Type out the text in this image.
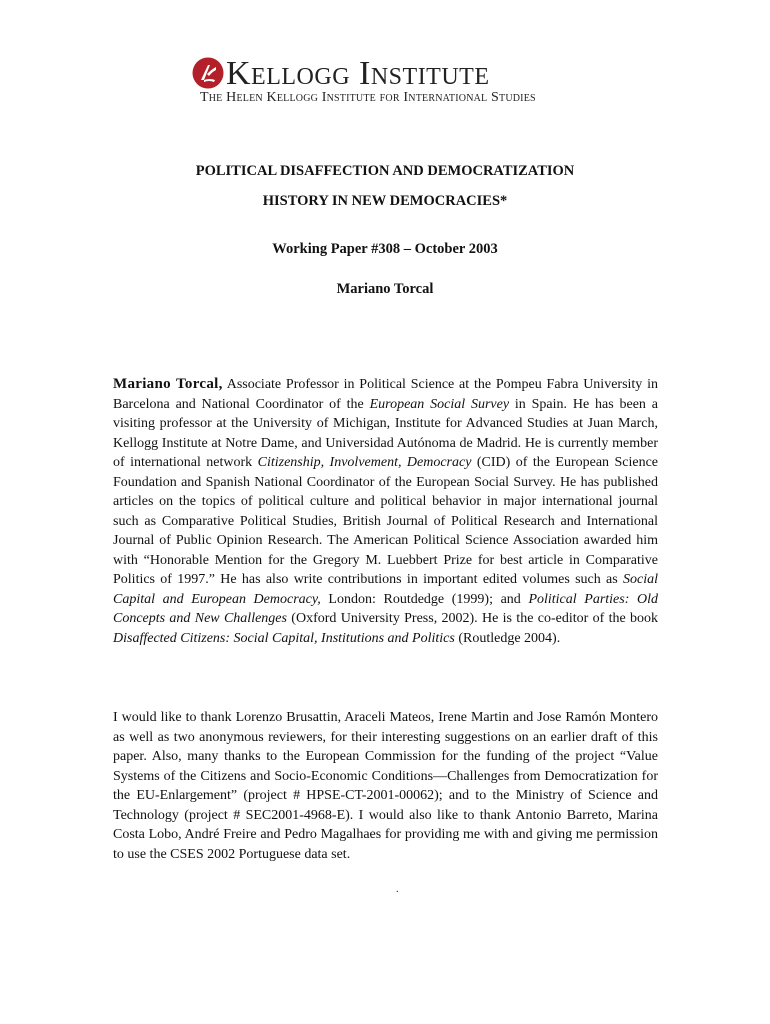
Kellogg Institute
The Helen Kellogg Institute for International Studies
POLITICAL DISAFFECTION AND DEMOCRATIZATION
HISTORY IN NEW DEMOCRACIES*
Working Paper #308 – October 2003
Mariano Torcal
Mariano Torcal, Associate Professor in Political Science at the Pompeu Fabra University in Barcelona and National Coordinator of the European Social Survey in Spain. He has been a visiting professor at the University of Michigan, Institute for Advanced Studies at Juan March, Kellogg Institute at Notre Dame, and Universidad Autónoma de Madrid. He is currently member of international network Citizenship, Involvement, Democracy (CID) of the European Science Foundation and Spanish National Coordinator of the European Social Survey. He has published articles on the topics of political culture and political behavior in major international journal such as Comparative Political Studies, British Journal of Political Research and International Journal of Public Opinion Research. The American Political Science Association awarded him with “Honorable Mention for the Gregory M. Luebbert Prize for best article in Comparative Politics of 1997.” He has also write contributions in important edited volumes such as Social Capital and European Democracy, London: Routdedge (1999); and Political Parties: Old Concepts and New Challenges (Oxford University Press, 2002). He is the co-editor of the book Disaffected Citizens: Social Capital, Institutions and Politics (Routledge 2004).
I would like to thank Lorenzo Brusattin, Araceli Mateos, Irene Martin and Jose Ramón Montero as well as two anonymous reviewers, for their interesting suggestions on an earlier draft of this paper. Also, many thanks to the European Commission for the funding of the project “Value Systems of the Citizens and Socio-Economic Conditions—Challenges from Democratization for the EU-Enlargement” (project # HPSE-CT-2001-00062); and to the Ministry of Science and Technology (project # SEC2001-4968-E). I would also like to thank Antonio Barreto, Marina Costa Lobo, André Freire and Pedro Magalhaes for providing me with and giving me permission to use the CSES 2002 Portuguese data set.
.
